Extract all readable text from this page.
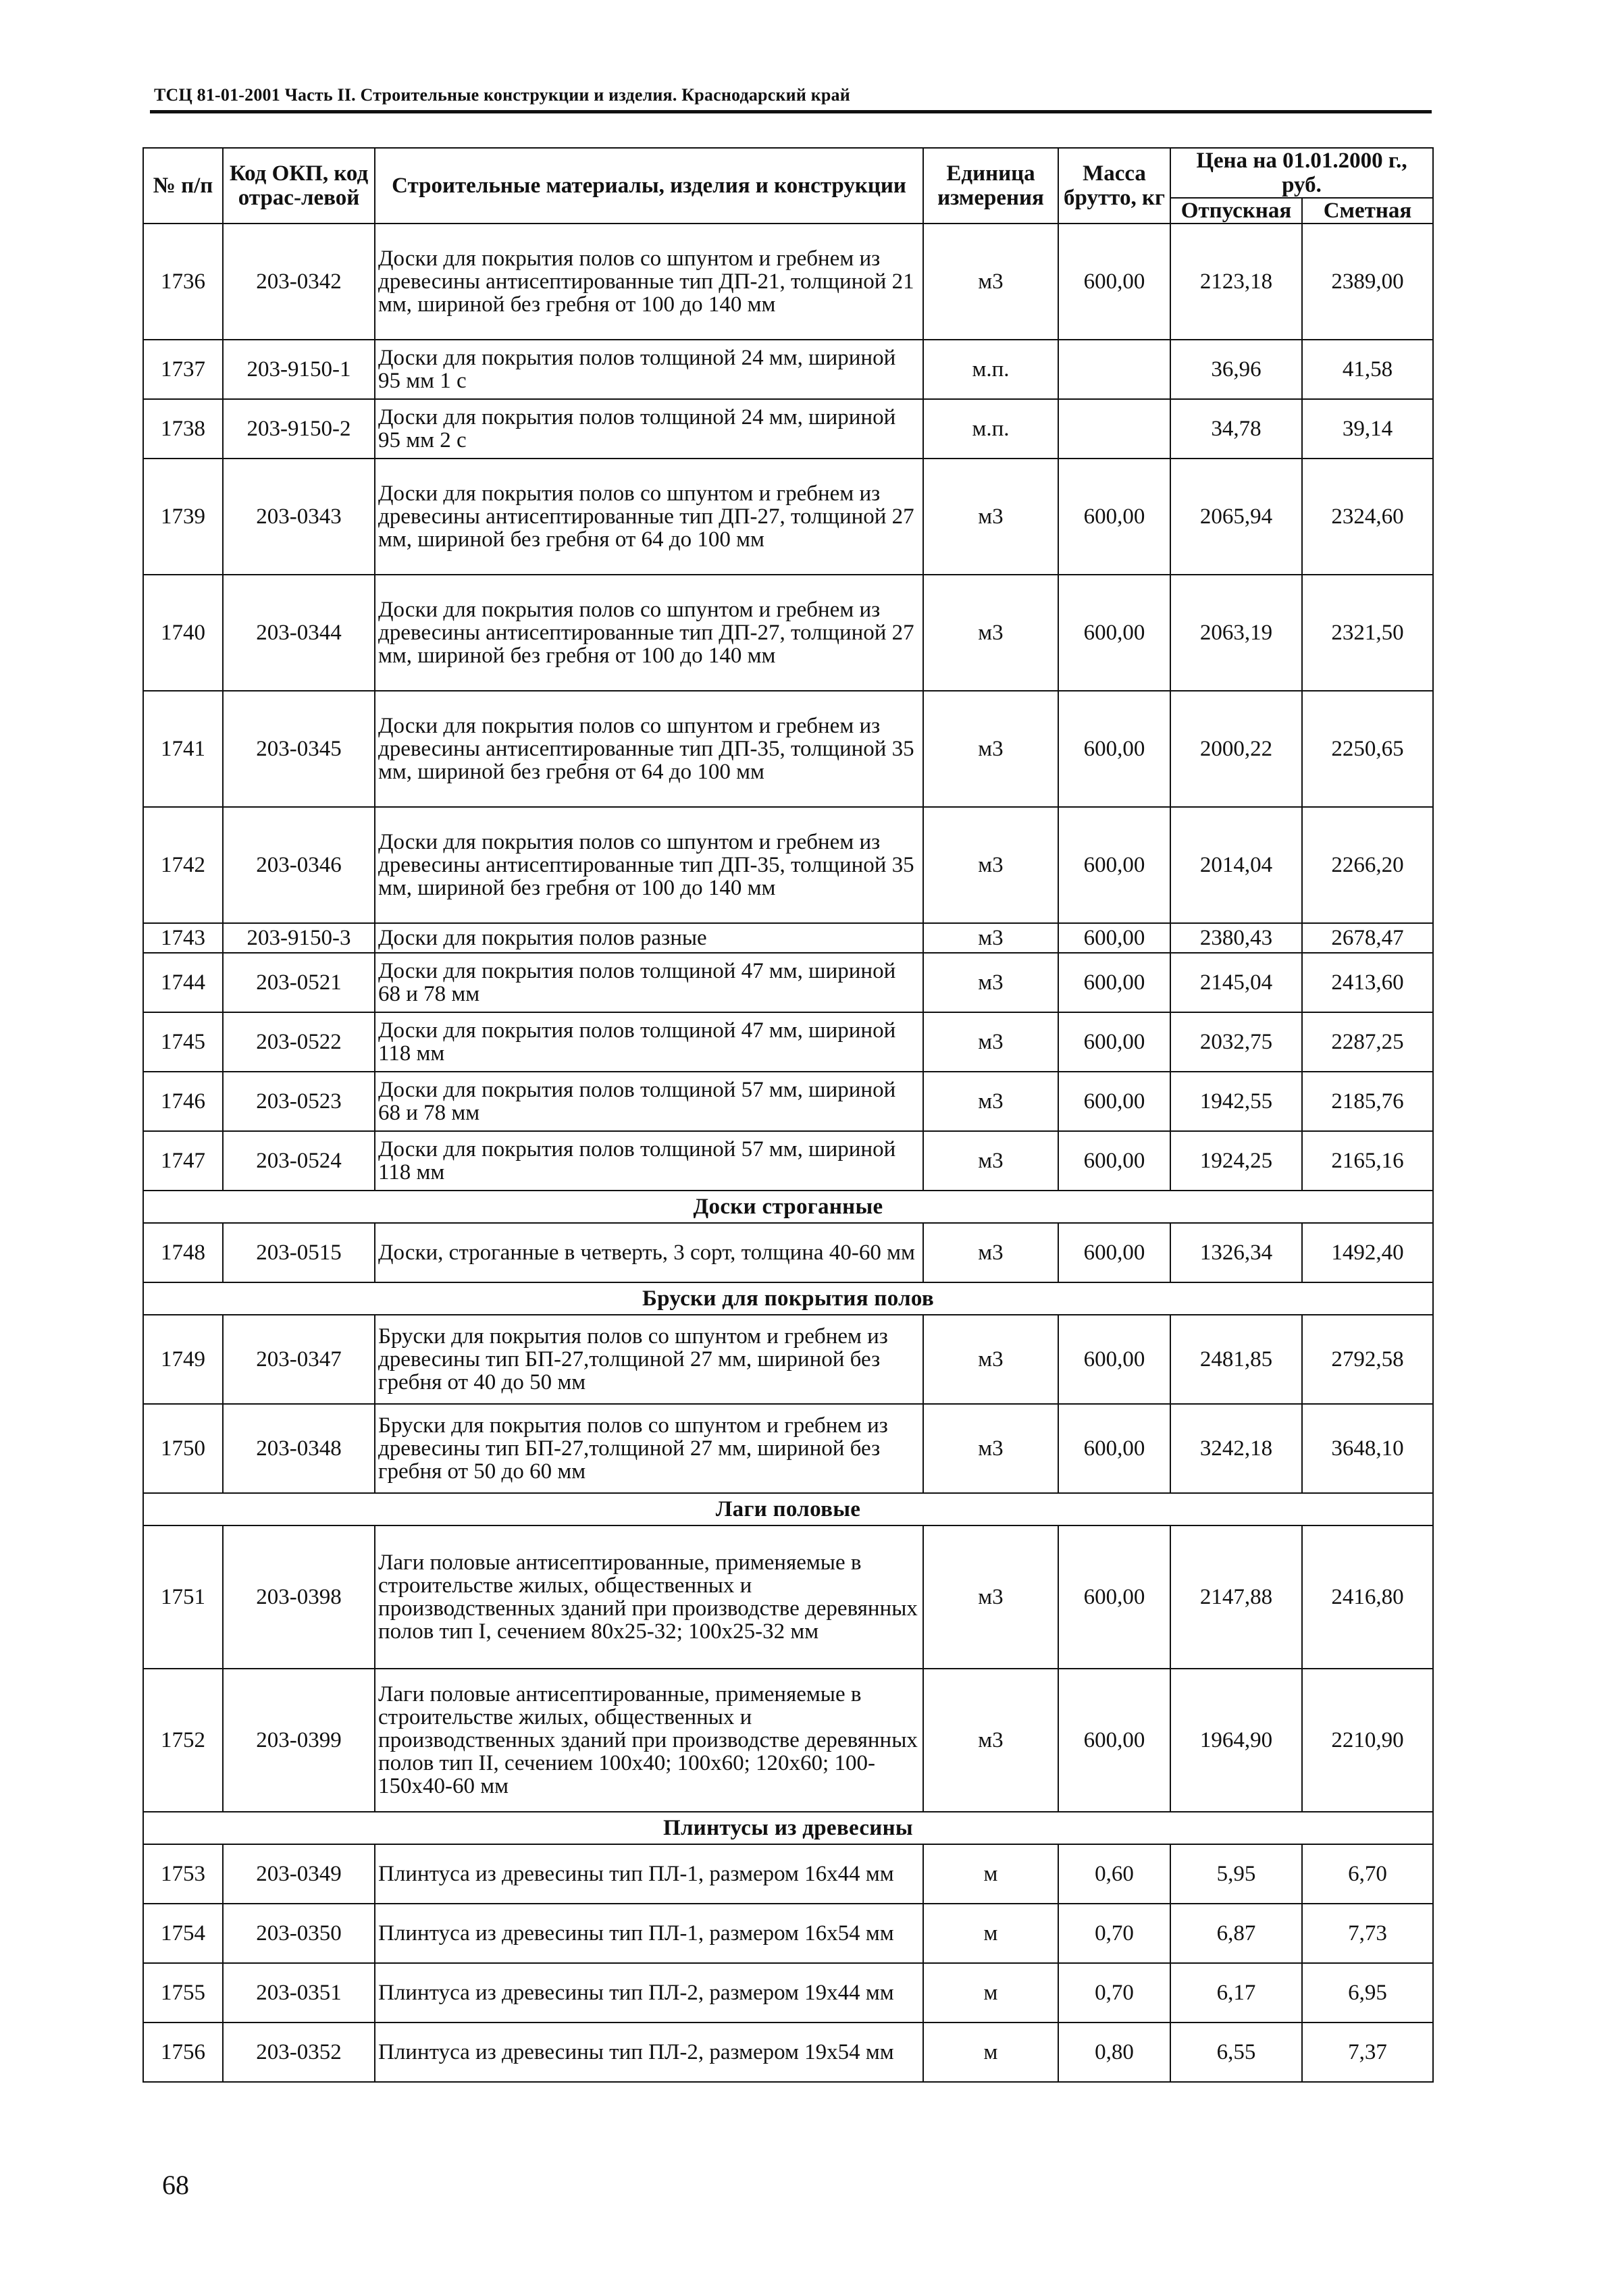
ТСЦ 81-01-2001 Часть II. Строительные конструкции и изделия. Краснодарский край
№ п/п	Код ОКП, код отрас-левой	Строительные материалы, изделия и конструкции	Единица измерения	Масса брутто, кг	Цена на 01.01.2000 г., руб.	
					Отпускная	Сметная
1736	203-0342	Доски для покрытия полов со шпунтом и гребнем из древесины антисептированные тип ДП-21, толщиной 21 мм, шириной без гребня от 100 до 140 мм	м3	600,00	2123,18	2389,00
1737	203-9150-1	Доски для покрытия полов толщиной 24 мм, шириной 95 мм 1 с	м.п.		36,96	41,58
1738	203-9150-2	Доски для покрытия полов толщиной 24 мм, шириной 95 мм 2 с	м.п.		34,78	39,14
1739	203-0343	Доски для покрытия полов со шпунтом и гребнем из древесины антисептированные тип ДП-27, толщиной 27 мм, шириной без гребня от 64 до 100 мм	м3	600,00	2065,94	2324,60
1740	203-0344	Доски для покрытия полов со шпунтом и гребнем из древесины антисептированные тип ДП-27, толщиной 27 мм, шириной без гребня от 100 до 140 мм	м3	600,00	2063,19	2321,50
1741	203-0345	Доски для покрытия полов со шпунтом и гребнем из древесины антисептированные тип ДП-35, толщиной 35 мм, шириной без гребня от 64 до 100 мм	м3	600,00	2000,22	2250,65
1742	203-0346	Доски для покрытия полов со шпунтом и гребнем из древесины антисептированные тип ДП-35, толщиной 35 мм, шириной без гребня от 100 до 140 мм	м3	600,00	2014,04	2266,20
1743	203-9150-3	Доски для покрытия полов разные	м3	600,00	2380,43	2678,47
1744	203-0521	Доски для покрытия полов толщиной 47 мм, шириной 68 и 78 мм	м3	600,00	2145,04	2413,60
1745	203-0522	Доски для покрытия полов толщиной 47 мм, шириной 118 мм	м3	600,00	2032,75	2287,25
1746	203-0523	Доски для покрытия полов толщиной 57 мм, шириной 68 и 78 мм	м3	600,00	1942,55	2185,76
1747	203-0524	Доски для покрытия полов толщиной 57 мм, шириной 118 мм	м3	600,00	1924,25	2165,16
Доски строганные						
1748	203-0515	Доски, строганные в четверть, 3 сорт, толщина 40-60 мм	м3	600,00	1326,34	1492,40
Бруски для покрытия полов						
1749	203-0347	Бруски для покрытия полов со шпунтом и гребнем из древесины тип БП-27,толщиной 27 мм, шириной без гребня от 40 до 50 мм	м3	600,00	2481,85	2792,58
1750	203-0348	Бруски для покрытия полов со шпунтом и гребнем из древесины тип БП-27,толщиной 27 мм, шириной без гребня от 50 до 60 мм	м3	600,00	3242,18	3648,10
Лаги половые						
1751	203-0398	Лаги половые антисептированные, применяемые в строительстве жилых, общественных и производственных зданий при производстве деревянных полов тип I, сечением 80х25-32; 100х25-32 мм	м3	600,00	2147,88	2416,80
1752	203-0399	Лаги половые антисептированные, применяемые в строительстве жилых, общественных и производственных зданий при производстве деревянных полов тип II, сечением 100х40; 100х60; 120х60; 100-150х40-60 мм	м3	600,00	1964,90	2210,90
Плинтусы из древесины						
1753	203-0349	Плинтуса из древесины тип ПЛ-1, размером 16х44 мм	м	0,60	5,95	6,70
1754	203-0350	Плинтуса из древесины тип ПЛ-1, размером 16х54 мм	м	0,70	6,87	7,73
1755	203-0351	Плинтуса из древесины тип ПЛ-2, размером 19х44 мм	м	0,70	6,17	6,95
1756	203-0352	Плинтуса из древесины тип ПЛ-2, размером 19х54 мм	м	0,80	6,55	7,37
68
